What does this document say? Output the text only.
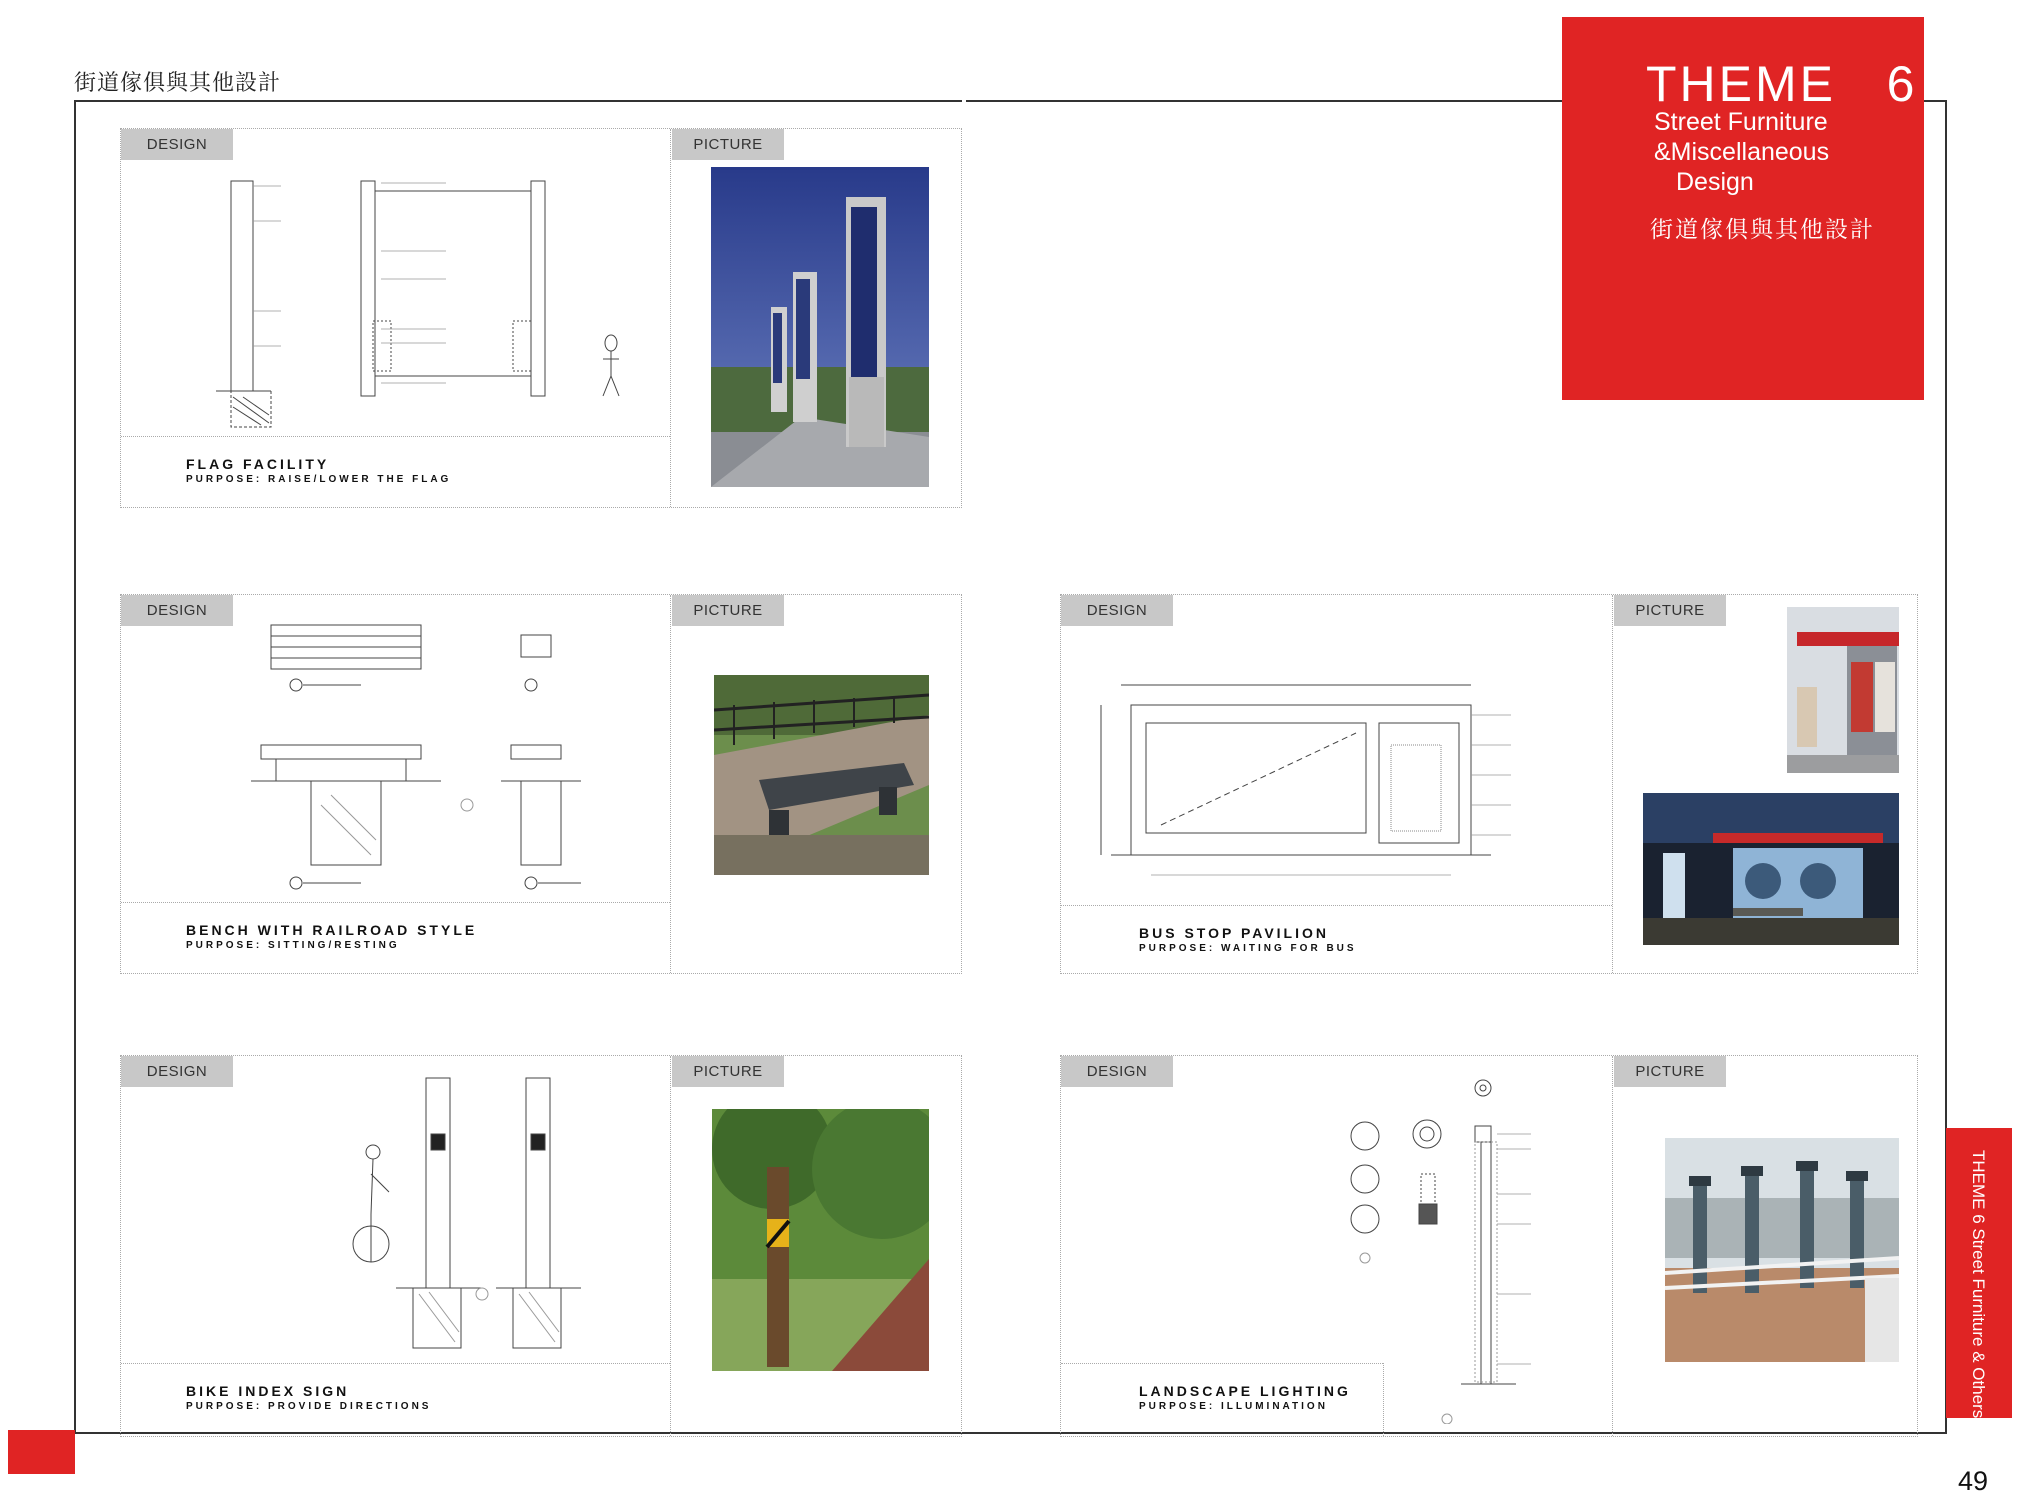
街道傢俱與其他設計	THEME   6
Street Furniture
&Miscellaneous
Design
街道傢俱與其他設計
THEME 6 Street Furniture & Others
49
DESIGN	PICTURE
FLAG FACILITY
PURPOSE: RAISE/LOWER THE FLAG
DESIGN	PICTURE
BENCH WITH RAILROAD STYLE
PURPOSE: SITTING/RESTING
DESIGN	PICTURE
BUS STOP PAVILION
PURPOSE: WAITING FOR BUS
DESIGN	PICTURE
BIKE INDEX SIGN
PURPOSE: PROVIDE DIRECTIONS
DESIGN	PICTURE
LANDSCAPE LIGHTING
PURPOSE: ILLUMINATION
